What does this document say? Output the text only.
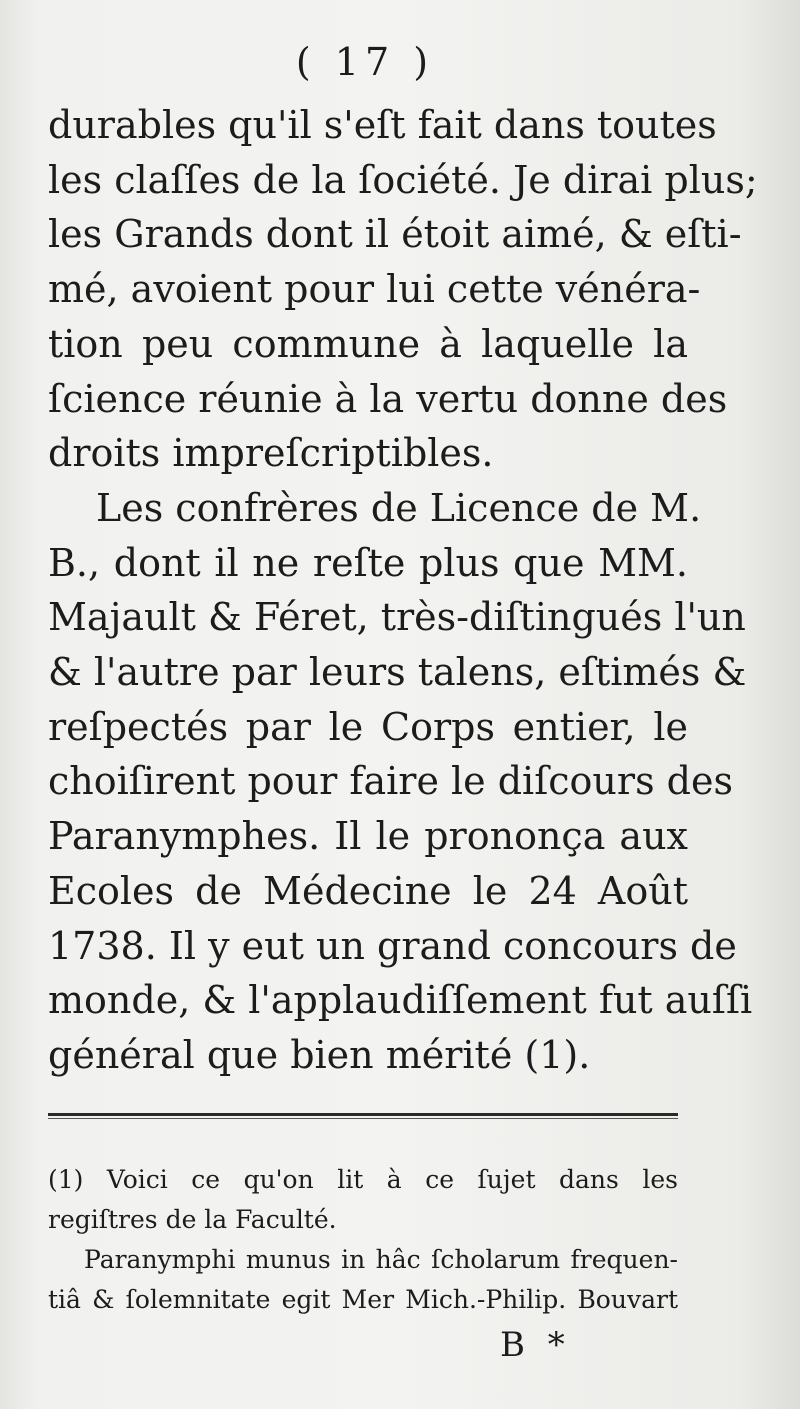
( 17 )
durables qu'il s'eſt fait dans toutes
les claſſes de la ſociété. Je dirai plus;
les Grands dont il étoit aimé, & eſti-
mé, avoient pour lui cette vénéra-
tion peu commune à laquelle la
ſcience réunie à la vertu donne des
droits impreſcriptibles.
Les confrères de Licence de M.
B., dont il ne reſte plus que MM.
Majault & Féret, très-diſtingués l'un
& l'autre par leurs talens, eſtimés &
reſpectés par le Corps entier, le
choiſirent pour faire le diſcours des
Paranymphes. Il le prononça aux
Ecoles de Médecine le 24 Août
1738. Il y eut un grand concours de
monde, & l'applaudiſſement fut auſſi
général que bien mérité (1).
(1) Voici ce qu'on lit à ce ſujet dans les
regiſtres de la Faculté.
Paranymphi munus in hâc ſcholarum frequen-
tiâ & ſolemnitate egit Mer Mich.-Philip. Bouvart
B *
